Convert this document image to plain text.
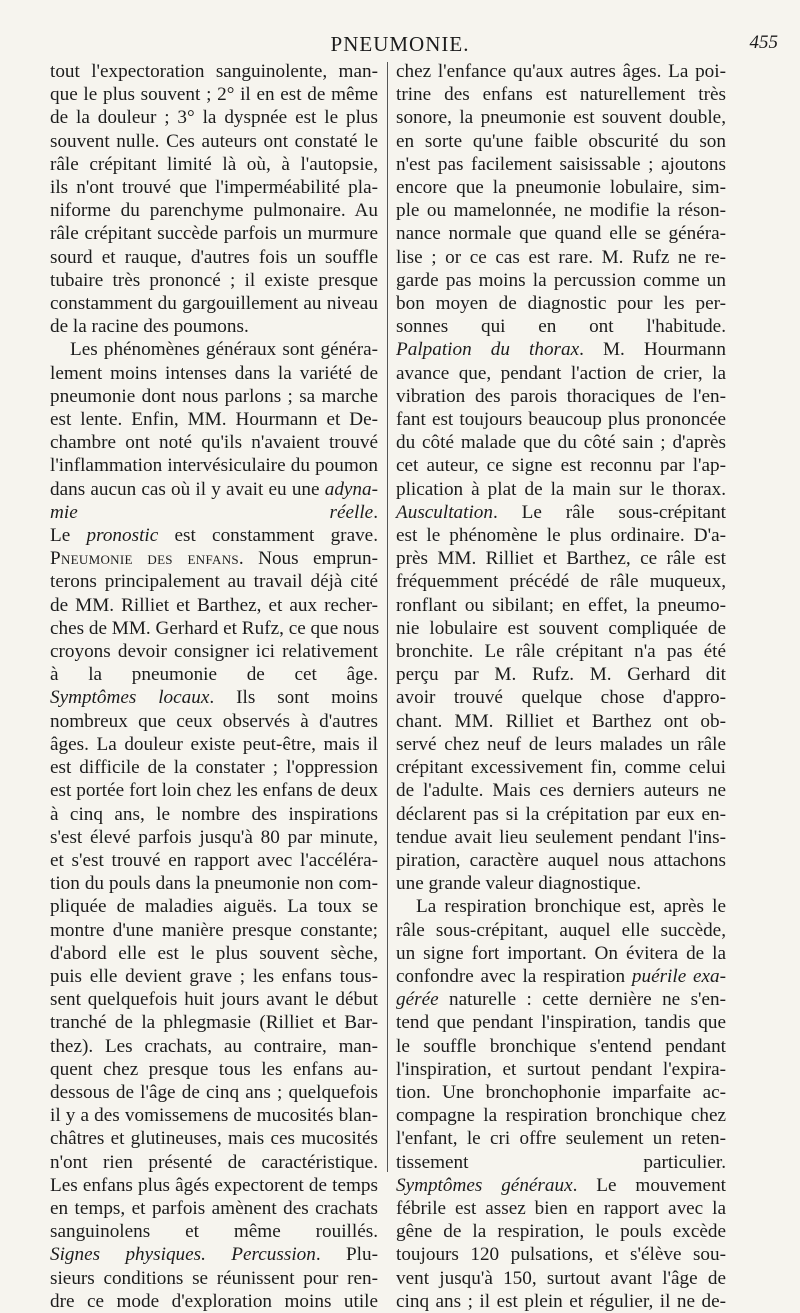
PNEUMONIE.	455
tout l'expectoration sanguinolente, man-
que le plus souvent ; 2° il en est de même
de la douleur ; 3° la dyspnée est le plus
souvent nulle. Ces auteurs ont constaté le
râle crépitant limité là où, à l'autopsie,
ils n'ont trouvé que l'imperméabilité pla-
niforme du parenchyme pulmonaire. Au
râle crépitant succède parfois un murmure
sourd et rauque, d'autres fois un souffle
tubaire très prononcé ; il existe presque
constamment du gargouillement au niveau
de la racine des poumons.
Les phénomènes généraux sont généra-
lement moins intenses dans la variété de
pneumonie dont nous parlons ; sa marche
est lente. Enfin, MM. Hourmann et De-
chambre ont noté qu'ils n'avaient trouvé
l'inflammation intervésiculaire du poumon
dans aucun cas où il y avait eu une adyna-
mie réelle.
Le pronostic est constamment grave.
Pneumonie des enfans. Nous emprun-
terons principalement au travail déjà cité
de MM. Rilliet et Barthez, et aux recher-
ches de MM. Gerhard et Rufz, ce que nous
croyons devoir consigner ici relativement
à la pneumonie de cet âge.
Symptômes locaux. Ils sont moins
nombreux que ceux observés à d'autres
âges. La douleur existe peut-être, mais il
est difficile de la constater ; l'oppression
est portée fort loin chez les enfans de deux
à cinq ans, le nombre des inspirations
s'est élevé parfois jusqu'à 80 par minute,
et s'est trouvé en rapport avec l'accéléra-
tion du pouls dans la pneumonie non com-
pliquée de maladies aiguës. La toux se
montre d'une manière presque constante;
d'abord elle est le plus souvent sèche,
puis elle devient grave ; les enfans tous-
sent quelquefois huit jours avant le début
tranché de la phlegmasie (Rilliet et Bar-
thez). Les crachats, au contraire, man-
quent chez presque tous les enfans au-
dessous de l'âge de cinq ans ; quelquefois
il y a des vomissemens de mucosités blan-
châtres et glutineuses, mais ces mucosités
n'ont rien présenté de caractéristique.
Les enfans plus âgés expectorent de temps
en temps, et parfois amènent des crachats
sanguinolens et même rouillés.
Signes physiques. Percussion. Plu-
sieurs conditions se réunissent pour ren-
dre ce mode d'exploration moins utile
chez l'enfance qu'aux autres âges. La poi-
trine des enfans est naturellement très
sonore, la pneumonie est souvent double,
en sorte qu'une faible obscurité du son
n'est pas facilement saisissable ; ajoutons
encore que la pneumonie lobulaire, sim-
ple ou mamelonnée, ne modifie la réson-
nance normale que quand elle se généra-
lise ; or ce cas est rare. M. Rufz ne re-
garde pas moins la percussion comme un
bon moyen de diagnostic pour les per-
sonnes qui en ont l'habitude.
Palpation du thorax. M. Hourmann
avance que, pendant l'action de crier, la
vibration des parois thoraciques de l'en-
fant est toujours beaucoup plus prononcée
du côté malade que du côté sain ; d'après
cet auteur, ce signe est reconnu par l'ap-
plication à plat de la main sur le thorax.
Auscultation. Le râle sous-crépitant
est le phénomène le plus ordinaire. D'a-
près MM. Rilliet et Barthez, ce râle est
fréquemment précédé de râle muqueux,
ronflant ou sibilant; en effet, la pneumo-
nie lobulaire est souvent compliquée de
bronchite. Le râle crépitant n'a pas été
perçu par M. Rufz. M. Gerhard dit
avoir trouvé quelque chose d'appro-
chant. MM. Rilliet et Barthez ont ob-
servé chez neuf de leurs malades un râle
crépitant excessivement fin, comme celui
de l'adulte. Mais ces derniers auteurs ne
déclarent pas si la crépitation par eux en-
tendue avait lieu seulement pendant l'ins-
piration, caractère auquel nous attachons
une grande valeur diagnostique.
La respiration bronchique est, après le
râle sous-crépitant, auquel elle succède,
un signe fort important. On évitera de la
confondre avec la respiration puérile exa-
gérée naturelle : cette dernière ne s'en-
tend que pendant l'inspiration, tandis que
le souffle bronchique s'entend pendant
l'inspiration, et surtout pendant l'expira-
tion. Une bronchophonie imparfaite ac-
compagne la respiration bronchique chez
l'enfant, le cri offre seulement un reten-
tissement particulier.
Symptômes généraux. Le mouvement
fébrile est assez bien en rapport avec la
gêne de la respiration, le pouls excède
toujours 120 pulsations, et s'élève sou-
vent jusqu'à 150, surtout avant l'âge de
cinq ans ; il est plein et régulier, il ne de-
